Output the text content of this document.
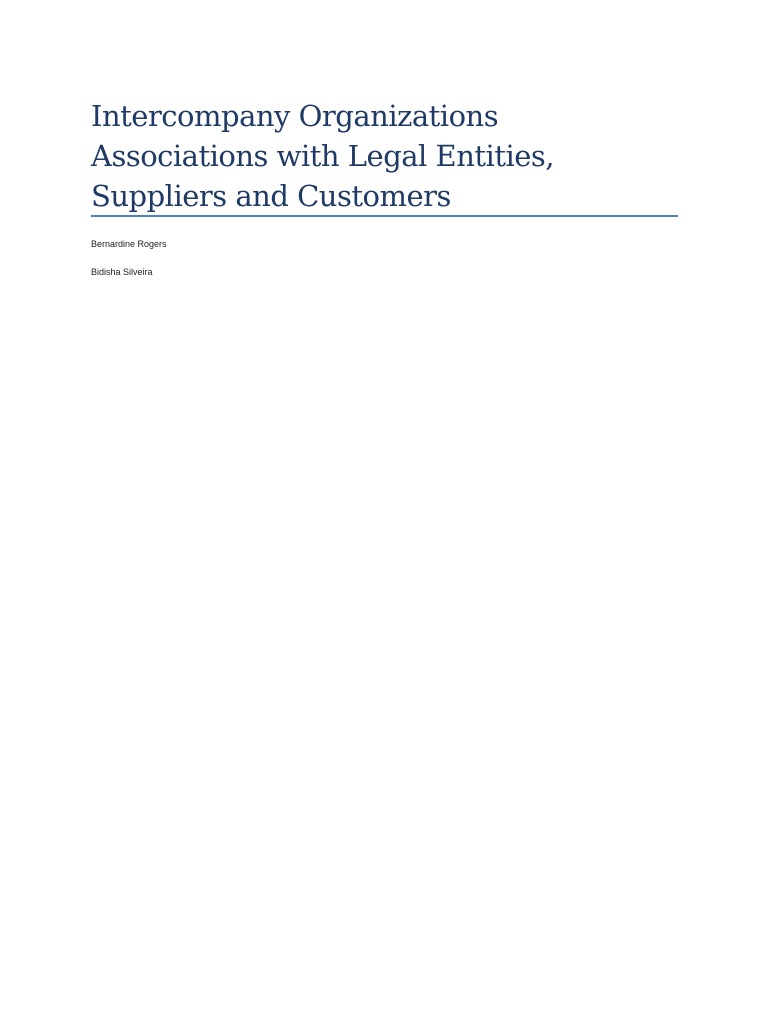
Intercompany Organizations
Associations with Legal Entities,
Suppliers and Customers
Bernardine Rogers
Bidisha Silveira
